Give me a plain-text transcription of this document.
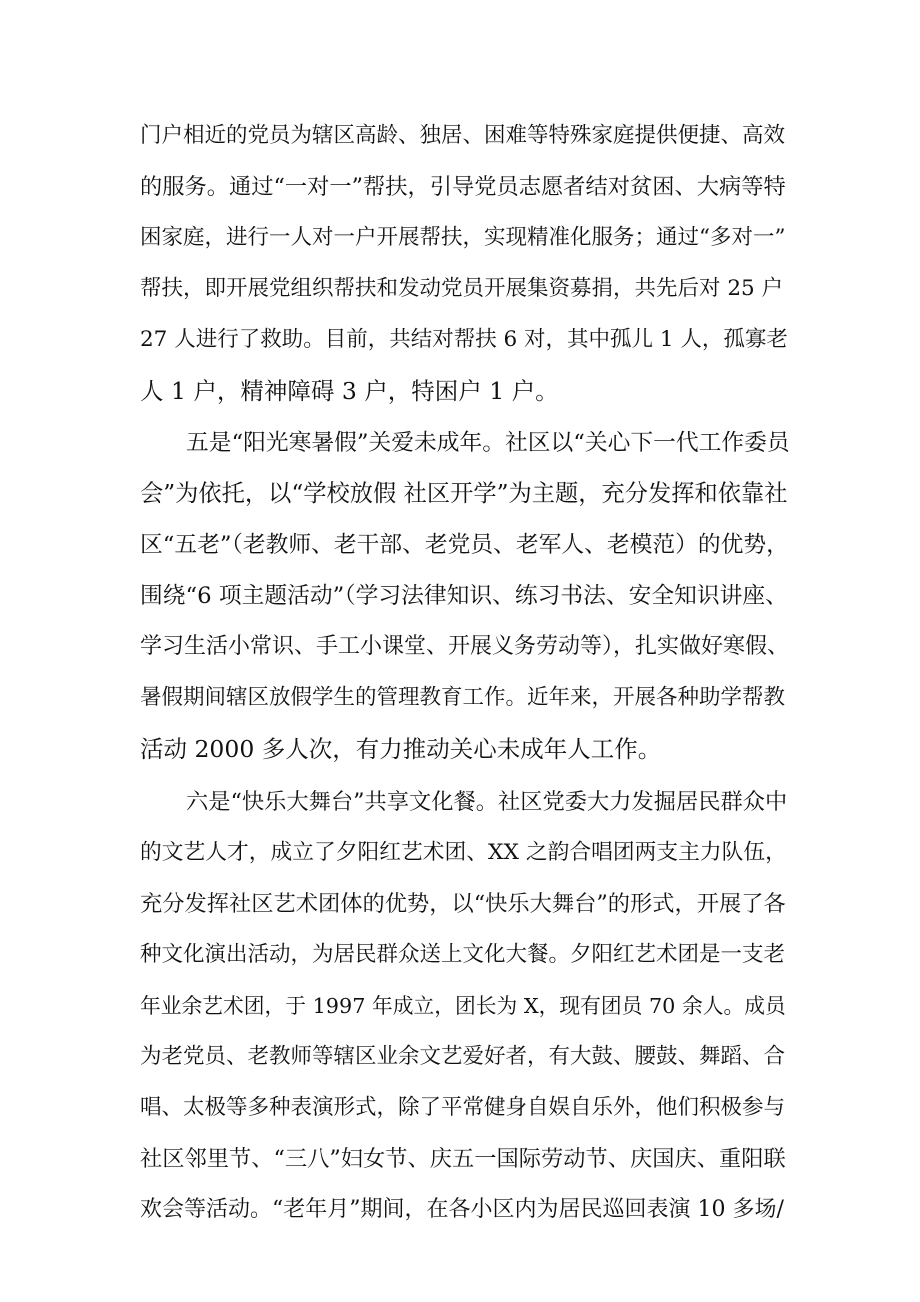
门户相近的党员为辖区高龄、独居、困难等特殊家庭提供便捷、高效

的服务。通过“一对一”帮扶，引导党员志愿者结对贫困、大病等特

困家庭，进行一人对一户开展帮扶，实现精准化服务；通过“多对一”

帮扶，即开展党组织帮扶和发动党员开展集资募捐，共先后对 25 户

27 人进行了救助。目前，共结对帮扶 6 对，其中孤儿 1 人，孤寡老

人 1 户，精神障碍 3 户，特困户 1 户。

五是“阳光寒暑假”关爱未成年。社区以“关心下一代工作委员

会”为依托，以“学校放假 社区开学”为主题，充分发挥和依靠社

区“五老”（老教师、老干部、老党员、老军人、老模范）的优势，

围绕“6 项主题活动”（学习法律知识、练习书法、安全知识讲座、

学习生活小常识、手工小课堂、开展义务劳动等），扎实做好寒假、

暑假期间辖区放假学生的管理教育工作。近年来，开展各种助学帮教

活动 2000 多人次，有力推动关心未成年人工作。

六是“快乐大舞台”共享文化餐。社区党委大力发掘居民群众中

的文艺人才，成立了夕阳红艺术团、XX 之韵合唱团两支主力队伍，

充分发挥社区艺术团体的优势，以“快乐大舞台”的形式，开展了各

种文化演出活动，为居民群众送上文化大餐。夕阳红艺术团是一支老

年业余艺术团，于 1997 年成立，团长为 X，现有团员 70 余人。成员

为老党员、老教师等辖区业余文艺爱好者，有大鼓、腰鼓、舞蹈、合

唱、太极等多种表演形式，除了平常健身自娱自乐外，他们积极参与

社区邻里节、“三八”妇女节、庆五一国际劳动节、庆国庆、重阳联

欢会等活动。“老年月”期间，在各小区内为居民巡回表演 10 多场/
